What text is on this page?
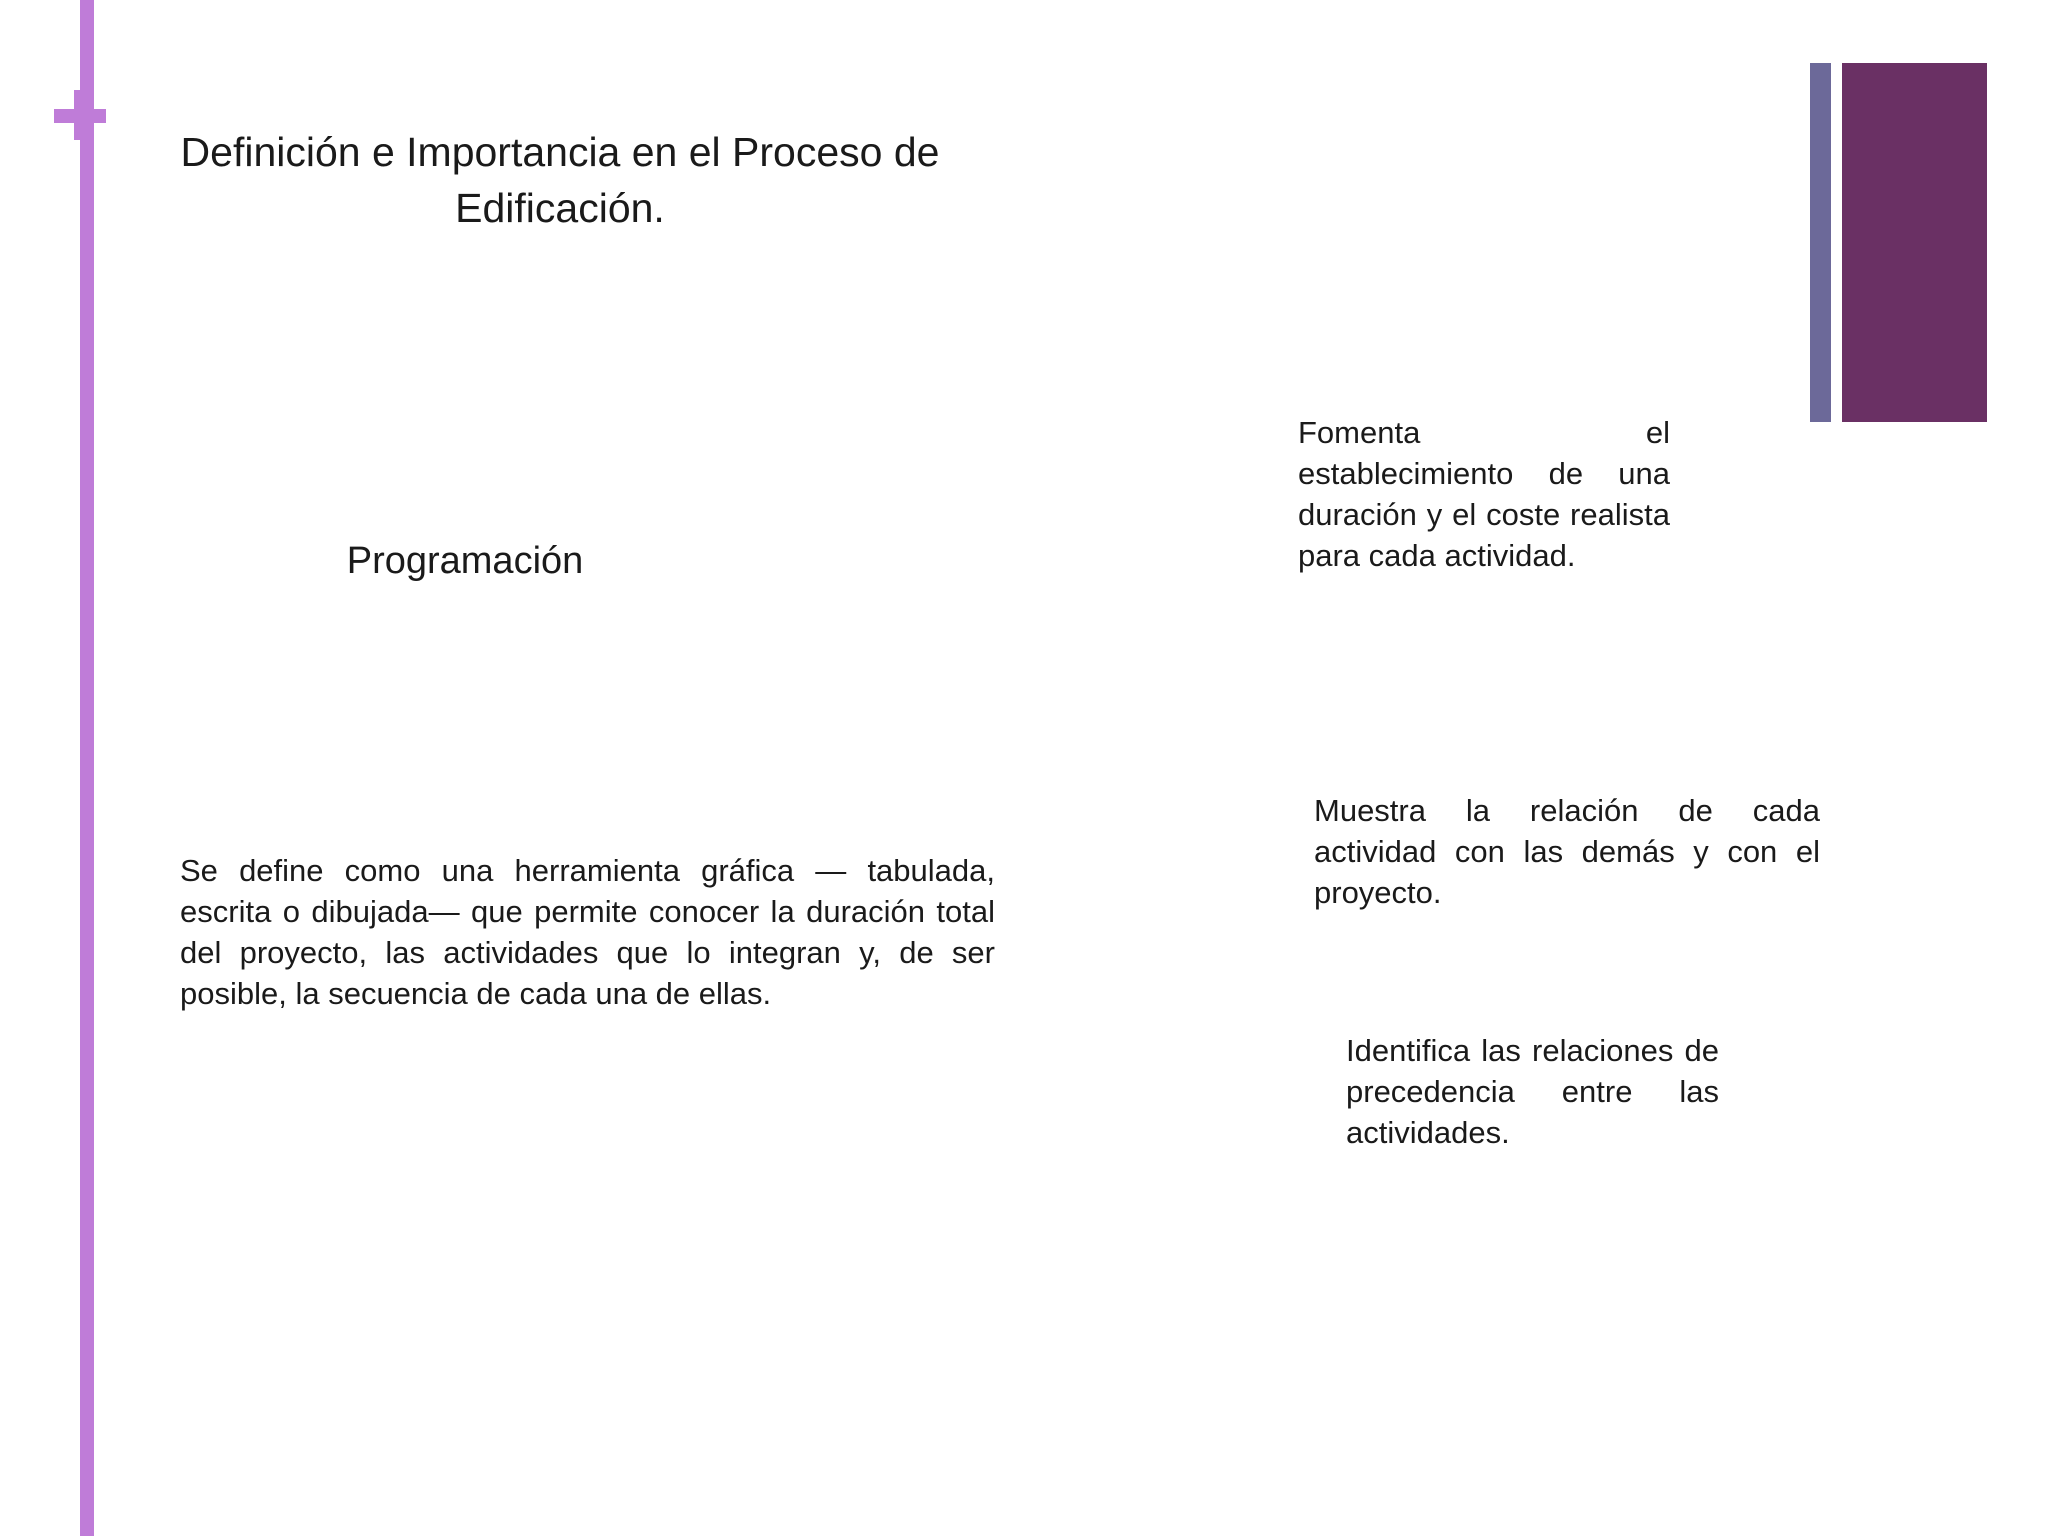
Definición e Importancia en el Proceso de
Edificación.
Programación
Se define como una herramienta gráfica — tabulada, escrita o dibujada— que permite conocer la duración total del proyecto, las actividades que lo integran y, de ser posible, la secuencia de cada una de ellas.
Fomenta el establecimiento de una duración y el coste realista para cada actividad.
Muestra la relación de cada actividad con las demás y con el proyecto.
Identifica las relaciones de precedencia entre las actividades.
